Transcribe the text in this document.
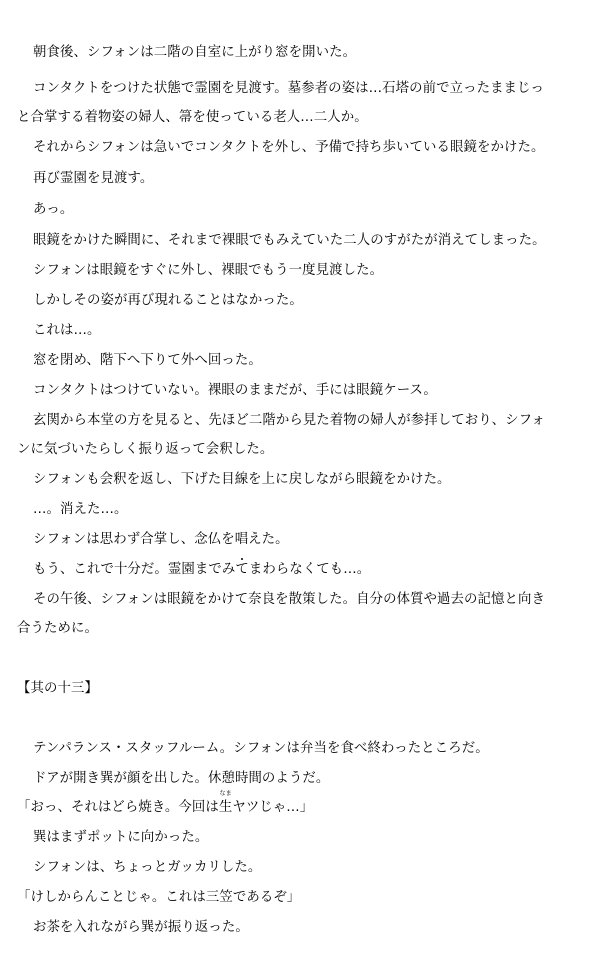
朝食後、シフォンは二階の自室に上がり窓を開いた。
コンタクトをつけた状態で霊園を見渡す。墓参者の姿は…石塔の前で立ったままじっ
と合掌する着物姿の婦人、箒を使っている老人…二人か。
それからシフォンは急いでコンタクトを外し、予備で持ち歩いている眼鏡をかけた。
再び霊園を見渡す。
あっ。
眼鏡をかけた瞬間に、それまで裸眼でもみえていた二人のすがたが消えてしまった。
シフォンは眼鏡をすぐに外し、裸眼でもう一度見渡した。
しかしその姿が再び現れることはなかった。
これは…。
窓を閉め、階下へ下りて外へ回った。
コンタクトはつけていない。裸眼のままだが、手には眼鏡ケース。
玄関から本堂の方を見ると、先ほど二階から見た着物の婦人が参拝しており、シフォ
ンに気づいたらしく振り返って会釈した。
シフォンも会釈を返し、下げた目線を上に戻しながら眼鏡をかけた。
…。消えた…。
シフォンは思わず合掌し、念仏を唱えた。
もう、これで十分だ。霊園までみてまわらなくても…。
その午後、シフォンは眼鏡をかけて奈良を散策した。自分の体質や過去の記憶と向き
合うために。
【其の十三】
テンパランス・スタッフルーム。シフォンは弁当を食べ終わったところだ。
ドアが開き巽が顔を出した。休憩時間のようだ。
「おっ、それはどら焼き。今回は
なま
生ヤツじゃ…」
巽はまずポットに向かった。
シフォンは、ちょっとガッカリした。
「けしからんことじゃ。これは三笠であるぞ」
お茶を入れながら巽が振り返った。
